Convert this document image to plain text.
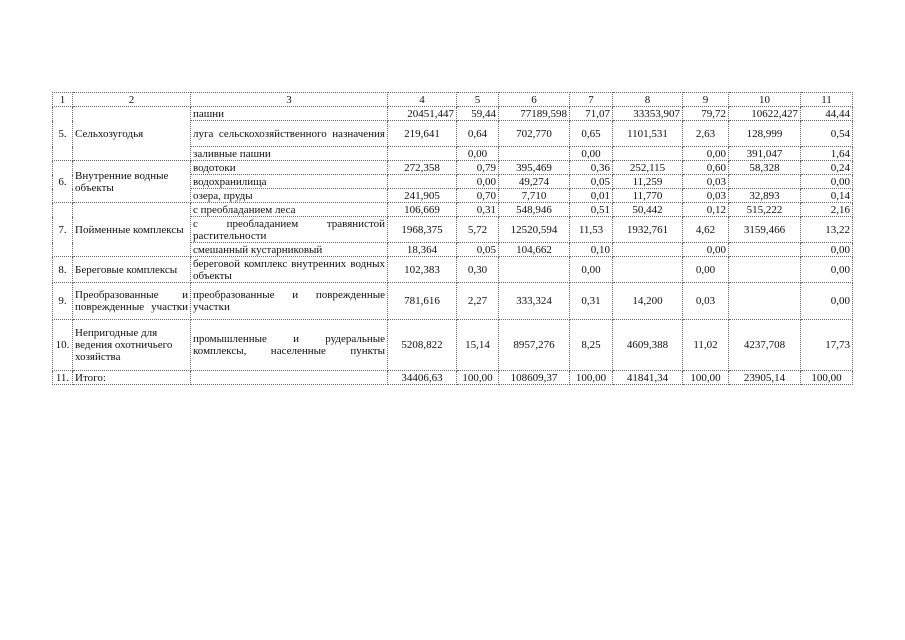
1	2	3	4	5	6	7	8	9	10	11
5.	Сельхозугодья	пашни	20451,447	59,44	77189,598	71,07	33353,907	79,72	10622,427	44,44
		луга сельскохозяйственного назначения	219,641	0,64	702,770	0,65	1101,531	2,63	128,999	0,54
		заливные пашни		0,00		0,00		0,00	391,047	1,64
6.	Внутренние водные объекты	водотоки	272,358	0,79	395,469	0,36	252,115	0,60	58,328	0,24
		водохранилища		0,00	49,274	0,05	11,259	0,03		0,00
		озера, пруды	241,905	0,70	7,710	0,01	11,770	0,03	32,893	0,14
7.	Пойменные комплексы	с преобладанием леса	106,669	0,31	548,946	0,51	50,442	0,12	515,222	2,16
		с преобладанием травянистой растительности	1968,375	5,72	12520,594	11,53	1932,761	4,62	3159,466	13,22
		смешанный кустарниковый	18,364	0,05	104,662	0,10		0,00		0,00
8.	Береговые комплексы	береговой комплекс внутренних водных объекты	102,383	0,30		0,00		0,00		0,00
9.	Преобразованные и поврежденные участки	преобразованные и поврежденные участки	781,616	2,27	333,324	0,31	14,200	0,03		0,00
10.	Непригодные для ведения охотничьего хозяйства	промышленные и рудеральные комплексы, населенные пункты	5208,822	15,14	8957,276	8,25	4609,388	11,02	4237,708	17,73
11.	Итого:		34406,63	100,00	108609,37	100,00	41841,34	100,00	23905,14	100,00
